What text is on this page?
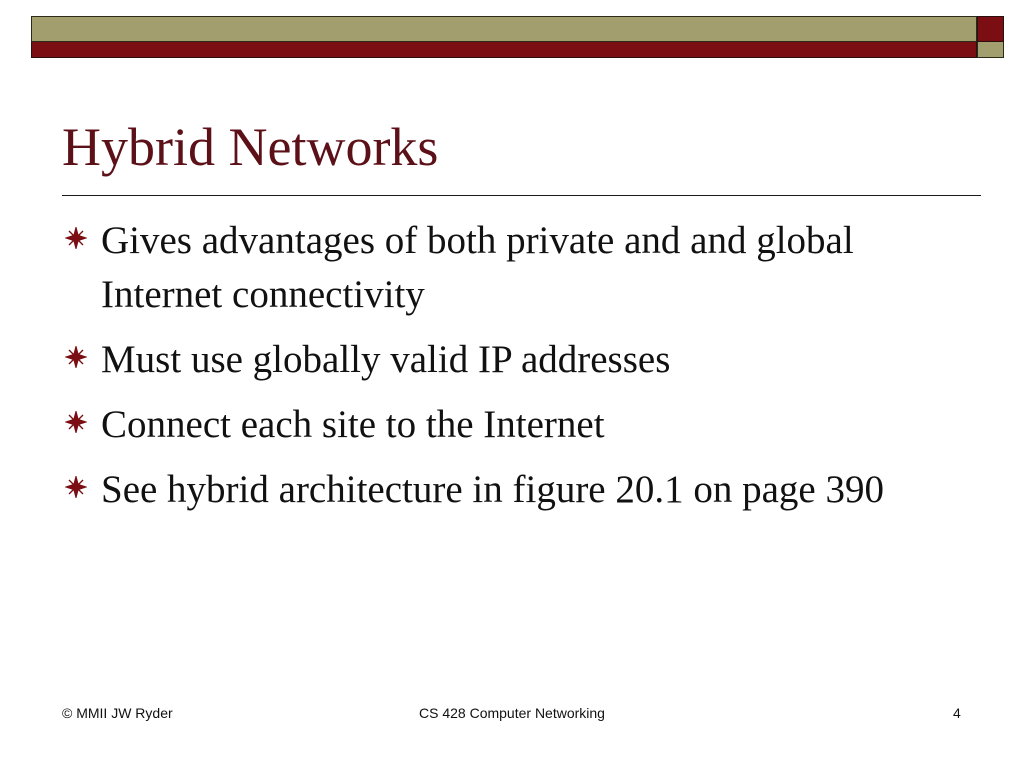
Hybrid Networks
Gives advantages of both private and and global Internet connectivity
Must use globally valid IP addresses
Connect each site to the Internet
See hybrid architecture in figure 20.1 on page 390
© MMII JW Ryder	CS 428 Computer Networking	4
